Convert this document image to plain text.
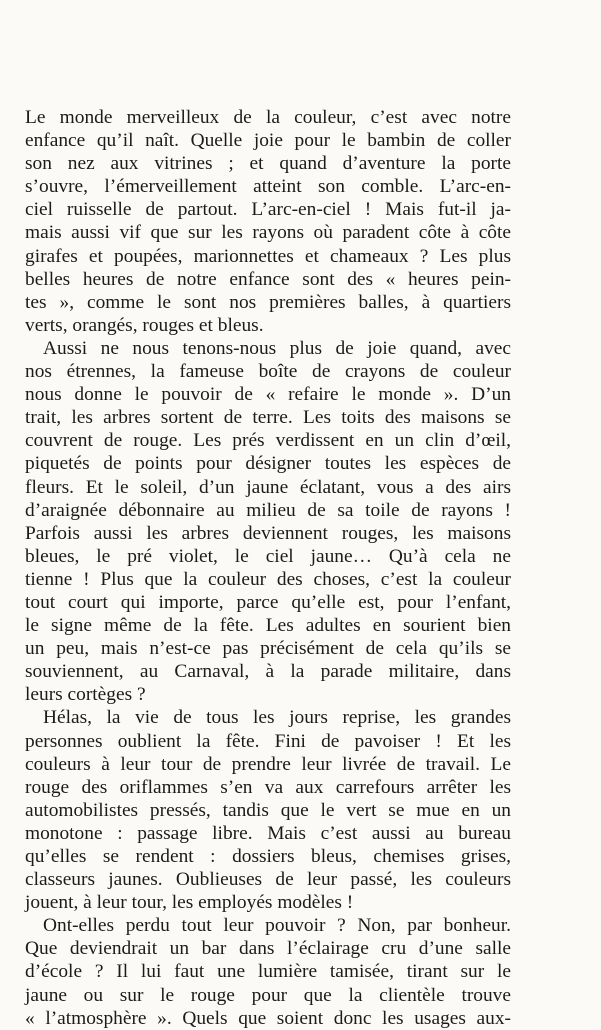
Le monde merveilleux de la couleur, c’est avec notre
enfance qu’il naît. Quelle joie pour le bambin de coller
son nez aux vitrines ; et quand d’aventure la porte
s’ouvre, l’émerveillement atteint son comble. L’arc-en-
ciel ruisselle de partout. L’arc-en-ciel ! Mais fut-il ja-
mais aussi vif que sur les rayons où paradent côte à côte
girafes et poupées, marionnettes et chameaux ? Les plus
belles heures de notre enfance sont des « heures pein-
tes », comme le sont nos premières balles, à quartiers
verts, orangés, rouges et bleus.

Aussi ne nous tenons-nous plus de joie quand, avec
nos étrennes, la fameuse boîte de crayons de couleur
nous donne le pouvoir de « refaire le monde ». D’un
trait, les arbres sortent de terre. Les toits des maisons se
couvrent de rouge. Les prés verdissent en un clin d’œil,
piquetés de points pour désigner toutes les espèces de
fleurs. Et le soleil, d’un jaune éclatant, vous a des airs
d’araignée débonnaire au milieu de sa toile de rayons !
Parfois aussi les arbres deviennent rouges, les maisons
bleues, le pré violet, le ciel jaune… Qu’à cela ne
tienne ! Plus que la couleur des choses, c’est la couleur
tout court qui importe, parce qu’elle est, pour l’enfant,
le signe même de la fête. Les adultes en sourient bien
un peu, mais n’est-ce pas précisément de cela qu’ils se
souviennent, au Carnaval, à la parade militaire, dans
leurs cortèges ?

Hélas, la vie de tous les jours reprise, les grandes
personnes oublient la fête. Fini de pavoiser ! Et les
couleurs à leur tour de prendre leur livrée de travail. Le
rouge des oriflammes s’en va aux carrefours arrêter les
automobilistes pressés, tandis que le vert se mue en un
monotone : passage libre. Mais c’est aussi au bureau
qu’elles se rendent : dossiers bleus, chemises grises,
classeurs jaunes. Oublieuses de leur passé, les couleurs
jouent, à leur tour, les employés modèles !

Ont-elles perdu tout leur pouvoir ? Non, par bonheur.
Que deviendrait un bar dans l’éclairage cru d’une salle
d’école ? Il lui faut une lumière tamisée, tirant sur le
jaune ou sur le rouge pour que la clientèle trouve
« l’atmosphère ». Quels que soient donc les usages aux-
